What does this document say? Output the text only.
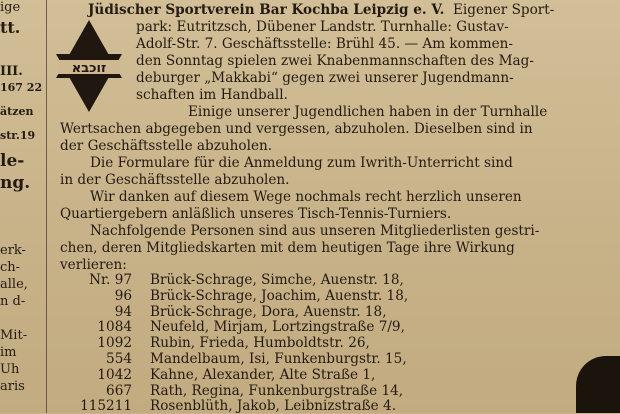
ige
tt.
III.
167 22
ätzen
str.19
le-
ng.
erk-
ch-
alle,
n d-
Mit-
im
Uh
aris
זוכבא
Jüdischer Sportverein Bar Kochba Leipzig e. V. Eigener Sport-
park: Eutritzsch, Dübener Landstr. Turnhalle: Gustav-
Adolf-Str. 7. Geschäftsstelle: Brühl 45. — Am kommen-
den Sonntag spielen zwei Knabenmannschaften des Mag-
deburger „Makkabi“ gegen zwei unserer Jugendmann-
schaften im Handball.
Einige unserer Jugendlichen haben in der Turnhalle
Wertsachen abgegeben und vergessen, abzuholen. Dieselben sind in
der Geschäftsstelle abzuholen.
Die Formulare für die Anmeldung zum Iwrith-Unterricht sind
in der Geschäftsstelle abzuholen.
Wir danken auf diesem Wege nochmals recht herzlich unseren
Quartiergebern anläßlich unseres Tisch-Tennis-Turniers.
Nachfolgende Personen sind aus unseren Mitgliederlisten gestri-
chen, deren Mitgliedskarten mit dem heutigen Tage ihre Wirkung
verlieren:
Nr. 97 Brück-Schrage, Simche, Auenstr. 18,
96 Brück-Schrage, Joachim, Auenstr. 18,
94 Brück-Schrage, Dora, Auenstr. 18,
1084 Neufeld, Mirjam, Lortzingstraße 7/9,
1092 Rubin, Frieda, Humboldtstr. 26,
554 Mandelbaum, Isi, Funkenburgstr. 15,
1042 Kahne, Alexander, Alte Straße 1,
667 Rath, Regina, Funkenburgstraße 14,
115211 Rosenblüth, Jakob, Leibnizstraße 4.
